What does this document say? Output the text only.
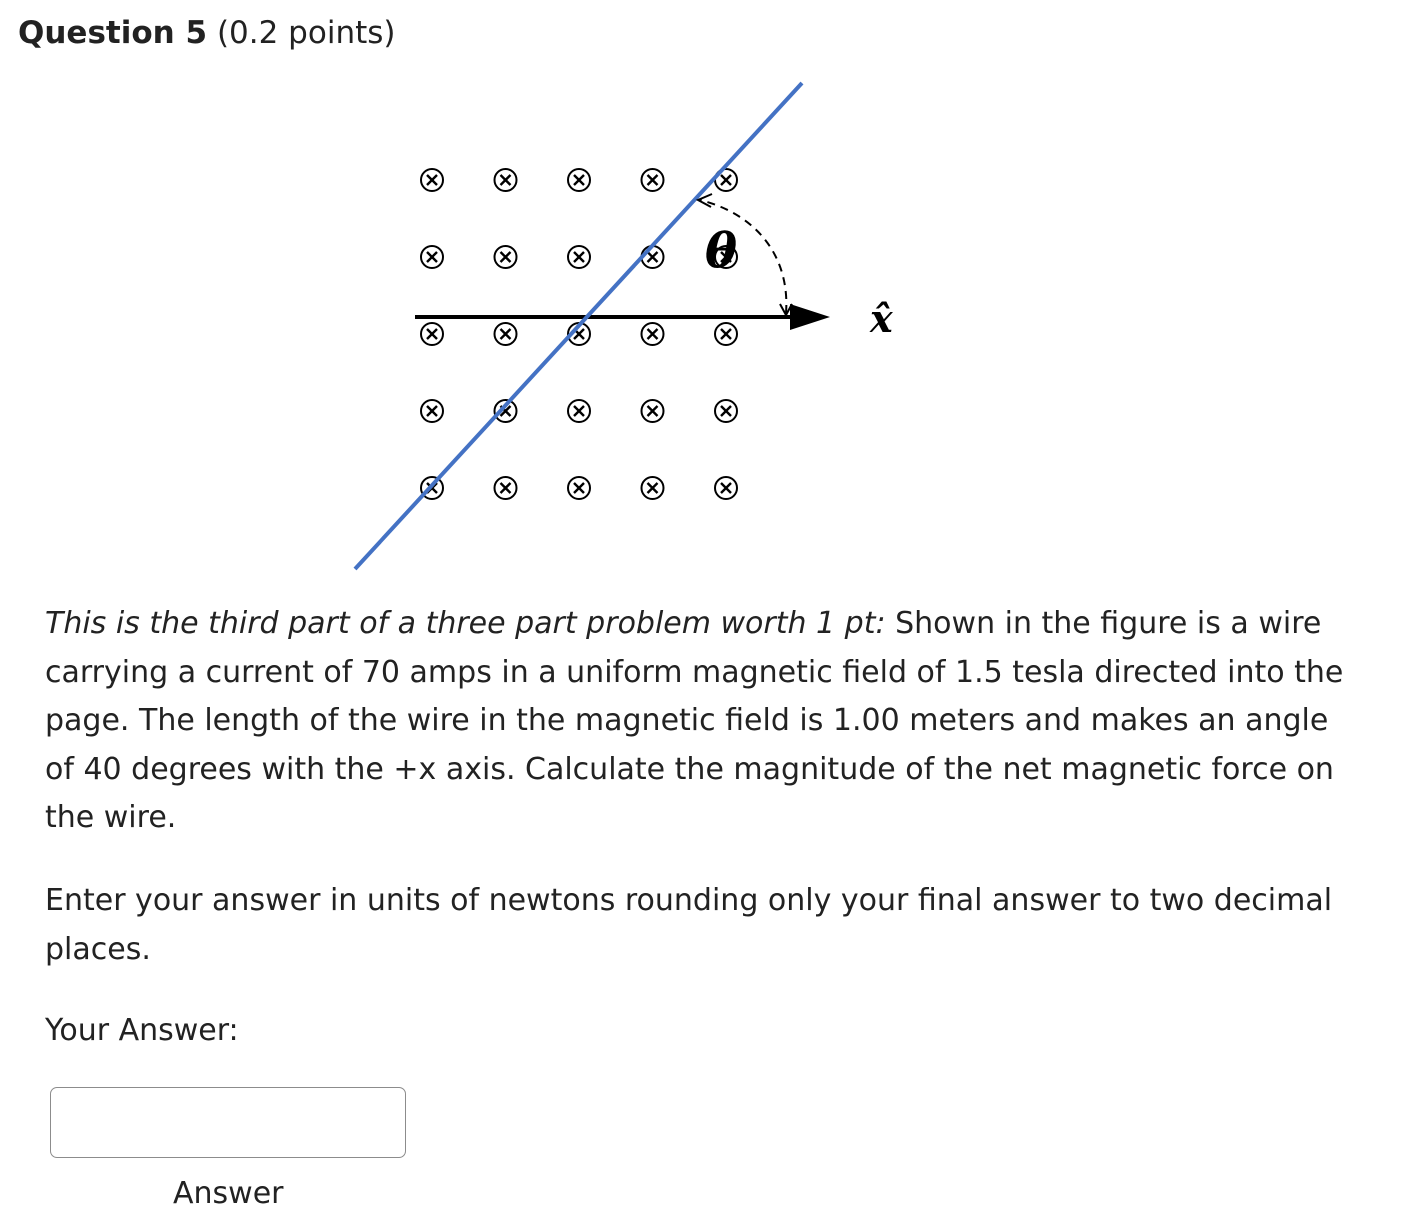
Question 5 (0.2 points)
θ
x̂

This is the third part of a three part problem worth 1 pt: Shown in the figure is a wire carrying a current of 70 amps in a uniform magnetic field of 1.5 tesla directed into the page. The length of the wire in the magnetic field is 1.00 meters and makes an angle of 40 degrees with the +x axis. Calculate the magnitude of the net magnetic force on the wire.

Enter your answer in units of newtons rounding only your final answer to two decimal places.

Your Answer:
Answer
